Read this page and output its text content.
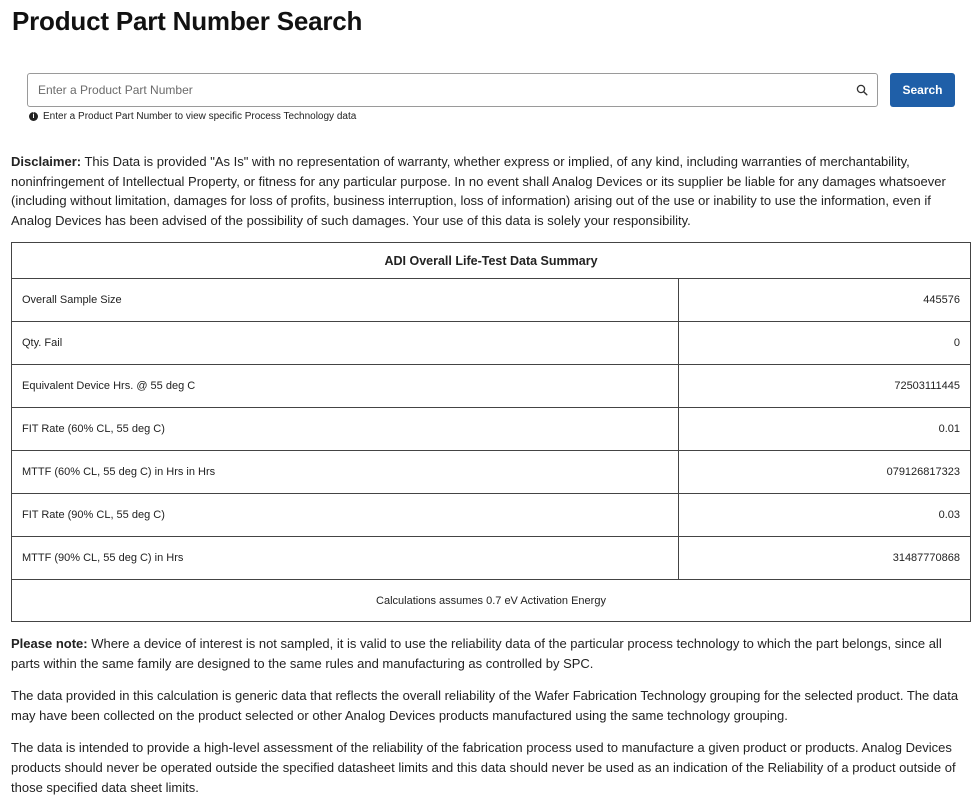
Product Part Number Search
Enter a Product Part Number
Search
i Enter a Product Part Number to view specific Process Technology data

Disclaimer: This Data is provided "As Is" with no representation of warranty, whether express or implied, of any kind, including warranties of merchantability, noninfringement of Intellectual Property, or fitness for any particular purpose. In no event shall Analog Devices or its supplier be liable for any damages whatsoever (including without limitation, damages for loss of profits, business interruption, loss of information) arising out of the use or inability to use the information, even if Analog Devices has been advised of the possibility of such damages. Your use of this data is solely your responsibility.

ADI Overall Life-Test Data Summary	
Overall Sample Size	445576
Qty. Fail	0
Equivalent Device Hrs. @ 55 deg C	72503111445
FIT Rate (60% CL, 55 deg C)	0.01
MTTF (60% CL, 55 deg C) in Hrs in Hrs	079126817323
FIT Rate (90% CL, 55 deg C)	0.03
MTTF (90% CL, 55 deg C) in Hrs	31487770868
Calculations assumes 0.7 eV Activation Energy	

Please note: Where a device of interest is not sampled, it is valid to use the reliability data of the particular process technology to which the part belongs, since all parts within the same family are designed to the same rules and manufacturing as controlled by SPC.

The data provided in this calculation is generic data that reflects the overall reliability of the Wafer Fabrication Technology grouping for the selected product. The data may have been collected on the product selected or other Analog Devices products manufactured using the same technology grouping.

The data is intended to provide a high-level assessment of the reliability of the fabrication process used to manufacture a given product or products. Analog Devices products should never be operated outside the specified datasheet limits and this data should never be used as an indication of the Reliability of a product outside of those specified data sheet limits.
